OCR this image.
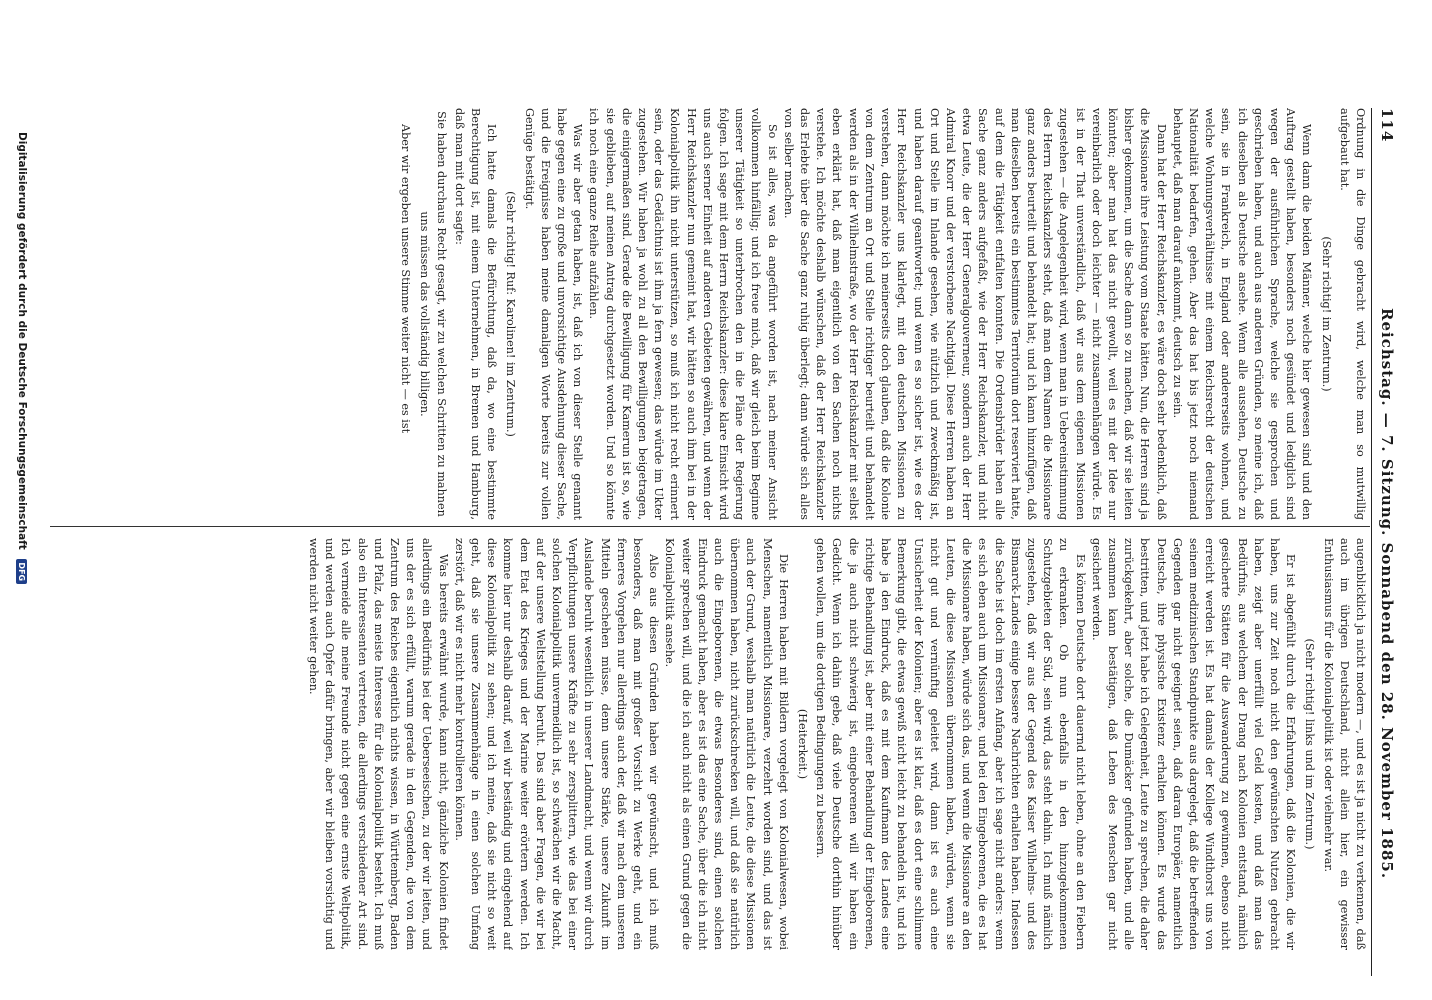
114
Reichstag. — 7. Sitzung. Sonnabend den 28. November 1885.

Ordnung in die Dinge gebracht wird, welche man so mutwillig aufgebaut hat.

(Sehr richtig! im Zentrum.)

Wenn dann die beiden Männer, welche hier gewesen sind und den Auftrag gestellt haben, besonders noch gesündet und lediglich sind wegen der ausführlichen Sprache, welche sie gesprochen und geschrieben haben, und auch aus anderen Gründen, so meine ich, daß ich dieselben als Deutsche ansehe. Wenn alle aussehen, Deutsche zu sein, sie in Frankreich, in England oder andererseits wohnen, und welche Wohnungsverhältnisse mit einem Reichsrecht der deutschen Nationalität bedarfen, gehen. Aber das hat bis jetzt noch niemand behauptet, daß man darauf ankommt, deutsch zu sein.

Dann hat der Herr Reichskanzler, es wäre doch sehr bedenklich, daß die Missionare ihre Leistung vom Staate hätten. Nun, die Herren sind ja bisher gekommen, um die Sache dann so zu machen, daß wir sie leiten könnten; aber man hat das nicht gewollt, weil es mit der Idee nur vereinbarlich oder doch leichter — nicht zusammenhängen würde. Es ist in der That unverständlich, daß wir aus dem eigenen Missionen zugestehen — die Angelegenheit wird, wenn man in Uebereinstimmung des Herrn Reichskanzlers steht, daß man dem Namen die Missionare ganz anders beurteilt und behandelt hat; und ich kann hinzufügen, daß man dieselben bereits ein bestimmtes Territorium dort reserviert hatte, auf dem die Tätigkeit entfalten konnten. Die Ordensbrüder haben alle Sache ganz anders aufgefaßt, wie der Herr Reichskanzler, und nicht etwa Leute, die der Herr Generalgouverneur, sondern auch der Herr Admiral Knorr und der verstorbene Nachtigal. Diese Herren haben an Ort und Stelle im Inlande gesehen, wie nützlich und zweckmäßig ist, und haben darauf geantwortet; und wenn es so sicher ist, wie es der Herr Reichskanzler uns klarlegt, mit den deutschen Missionen zu verstehen, dann möchte ich meinerseits doch glauben, daß die Kolonie von dem Zentrum an Ort und Stelle richtiger beurteilt und behandelt werden als in der Wilhelmstraße, wo der Herr Reichskanzler mit selbst eben erklärt hat, daß man eigentlich von den Sachen noch nichts verstehe. Ich möchte deshalb wünschen, daß der Herr Reichskanzler das Erlebte über die Sache ganz ruhig überlegt; dann würde sich alles von selber machen.

So ist alles, was da angeführt worden ist, nach meiner Ansicht vollkommen hinfällig; und ich freue mich, daß wir gleich beim Beginne unserer Tätigkeit so unterbrochen den in die Pläne der Regierung folgen. Ich sage mit dem Herrn Reichskanzler: diese klare Einsicht wird uns auch serner Einheit auf anderen Gebieten gewähren, und wenn der Herr Reichskanzler nun gemeint hat, wir hätten so auch ihm bei in der Kolonialpolitik ihn nicht unterstützen, so muß ich nicht recht erinnert sein, oder das Gedächtnis ist ihm ja fern gewesen; das würde im Ukter zugestehen. Wir haben ja wohl zu all den Bewilligungen beigetragen, die einigermaßen sind. Gerade die Bewilligung für Kamerun ist so, wie sie geblieben, auf meinen Antrag durchgesetzt worden. Und so könnte ich noch eine ganze Reihe aufzählen.

Was wir aber getan haben, ist, daß ich von dieser Stelle genannt habe gegen eine zu große und unvorsichtige Ausdehnung dieser Sache, und die Ereignisse haben meine damaligen Worte bereits zur vollen Genüge bestätigt.

(Sehr richtig! Ruf: Karolinen! im Zentrum.)

Ich hatte damals die Befürchtung, daß da, wo eine bestimmte Berechtigung ist, mit einem Unternehmen, in Bremen und Hamburg, daß man mit dort sagte:

Sie haben durchaus Recht gesagt, wir zu welchen Schritten zu mahnen uns müssen das vollständig billigen.

Aber wir ergeben unsere Stimme weiter nicht — es ist

augenblicklich ja nicht modern —, und es ist ja nicht zu verkennen, daß auch im übrigen Deutschland, nicht allein hier, ein gewisser Enthusiasmus für die Kolonialpolitik ist oder vielmehr war.

(Sehr richtig! links und im Zentrum.)

Er ist abgefühlt durch die Erfahrungen, daß die Kolonien, die wir haben, uns zur Zeit noch nicht den gewünschten Nutzen gebracht haben, zeigt aber unerfüllt viel Geld kosten, und daß man das Bedürfnis, aus welchem der Drang nach Kolonien entstand, nämlich gesicherte Stätten für die Auswanderung zu gewinnen, ebenso nicht erreicht werden ist. Es hat damals der Kollege Windthorst uns von seinem medizinischen Standpunkte aus dargelegt, daß die betreffenden Gegenden gar nicht geeignet seien, daß daran Europäer, namentlich Deutsche, ihre physische Existenz erhalten können. Es wurde das bestritten, und jetzt habe ich Gelegenheit, Leute zu sprechen, die daher zurückgekehrt, aber solche, die Dumäcker gefunden haben, und alle zusammen kann bestätigen, daß Leben des Menschen gar nicht gesichert werden.

Es können Deutsche dort dauernd nicht leben, ohne an den Fiebern zu erkranken. Ob nun ebenfalls in den hinzugekommenen Schutzgebieten der Süd, sein wird, das steht dahin. Ich muß nämlich zugestehen, daß wir aus der Gegend des Kaiser Wilhelms- und des Bismarck-Landes einige bessere Nachrichten erhalten haben. Indessen die Sache ist doch im ersten Anfang, aber ich sage nicht anders: wenn es sich eben auch um Missionare, und bei den Eingeborenen, die es hat die Missionare haben, würde sich das, und wenn die Missionare an den Leuten, die diese Missionen übernommen haben, würden, wenn sie nicht gut und vernünftig geleitet wird, dann ist es auch eine Unsicherheit der Kolonien; aber es ist klar, daß es dort eine schlimme Bemerkung gibt, die etwas gewiß nicht leicht zu behandeln ist, und ich habe ja den Eindruck, daß es mit dem Kaufmann des Landes eine richtige Behandlung ist, aber mit einer Behandlung der Eingeborenen, die ja auch nicht schwierig ist, eingeborenen will wir haben ein Gedicht. Wenn ich dahin gebe, daß viele Deutsche dorthin hinüber gehen wollen, um die dortigen Bedingungen zu bessern.

(Heiterkeit.)

Die Herren haben mit Bildern vorgelegt von Kolonialwesen, wobei Menschen, namentlich Missionare, verzehrt worden sind, und das ist auch der Grund, weshalb man natürlich die Leute, die diese Missionen übernommen haben, nicht zurückschrecken will, und daß sie natürlich auch die Eingeborenen, die etwas Besonderes sind, einen solchen Eindruck gemacht haben, aber es ist das eine Sache, über die ich nicht weiter sprechen will, und die ich auch nicht als einen Grund gegen die Kolonialpolitik ansehe.

Also aus diesen Gründen haben wir gewünscht, und ich muß besonders, daß man mit großer Vorsicht zu Werke geht, und ein ferneres Vorgehen nur allerdings auch der, daß wir nach dem unseren Mitteln geschehen müsse, denn unsere Stärke, unsere Zukunft im Auslande beruht wesentlich in unserer Landmacht, und wenn wir durch Verpflichtungen unsere Kräfte zu sehr zersplittern, wie das bei einer solchen Kolonialpolitik unvermeidlich ist, so schwächen wir die Macht, auf der unsere Weltstellung beruht. Das sind aber Fragen, die wir bei dem Etat des Krieges und der Marine weiter erörtern werden. Ich komme hier nur deshalb darauf, weil wir beständig und eingehend auf diese Kolonialpolitik zu sehen; und ich meine, daß sie nicht so weit geht, daß sie unsere Zusammenhänge in einen solchen Umfang zerstört, daß wir es nicht mehr kontrollieren können.

Was bereits erwähnt wurde, kann nicht, gänzliche Kolonien findet allerdings ein Bedürfnis bei der Ueberseeischen, zu der wir leiten, und uns der es sich erfüllt, warum gerade in den Gegenden, die von dem Zentrum des Reiches eigentlich nichts wissen, in Württemberg, Baden und Pfalz, das meiste Interesse für die Kolonialpolitik besteht. Ich muß also ein Interessenten vertreten, die allerdings verschiedener Art sind. Ich vermeide alle meine Freunde nicht gegen eine ernste Weltpolitik, und werden auch Opfer dafür bringen, aber wir bleiben vorsichtig und werden nicht weiter gehen.

Digitalisierung gefördert durch die Deutsche Forschungsgemeinschaft DFG
